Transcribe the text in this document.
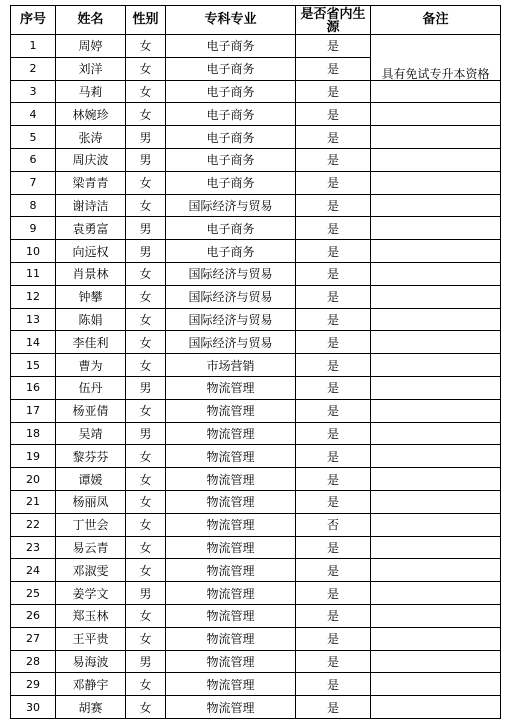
序号	姓名	性别	专科专业	是否省内生源	备注
1	周婷	女	电子商务	是	具有免试专升本资格

2	刘洋	女	电子商务	是	
3	马莉	女	电子商务	是	
4	林婉珍	女	电子商务	是	
5	张涛	男	电子商务	是	
6	周庆波	男	电子商务	是	
7	梁青青	女	电子商务	是	
8	谢诗洁	女	国际经济与贸易	是	
9	袁勇富	男	电子商务	是	
10	向远权	男	电子商务	是	
11	肖景林	女	国际经济与贸易	是	
12	钟攀	女	国际经济与贸易	是	
13	陈娟	女	国际经济与贸易	是	
14	李佳利	女	国际经济与贸易	是	
15	曹为	女	市场营销	是	
16	伍丹	男	物流管理	是	
17	杨亚倩	女	物流管理	是	
18	吴靖	男	物流管理	是	
19	黎芬芬	女	物流管理	是	
20	谭媛	女	物流管理	是	
21	杨丽凤	女	物流管理	是	
22	丁世会	女	物流管理	否	
23	易云青	女	物流管理	是	
24	邓淑雯	女	物流管理	是	
25	姜学文	男	物流管理	是	
26	郑玉林	女	物流管理	是	
27	王平贵	女	物流管理	是	
28	易海波	男	物流管理	是	
29	邓静宇	女	物流管理	是	
30	胡赛	女	物流管理	是	
